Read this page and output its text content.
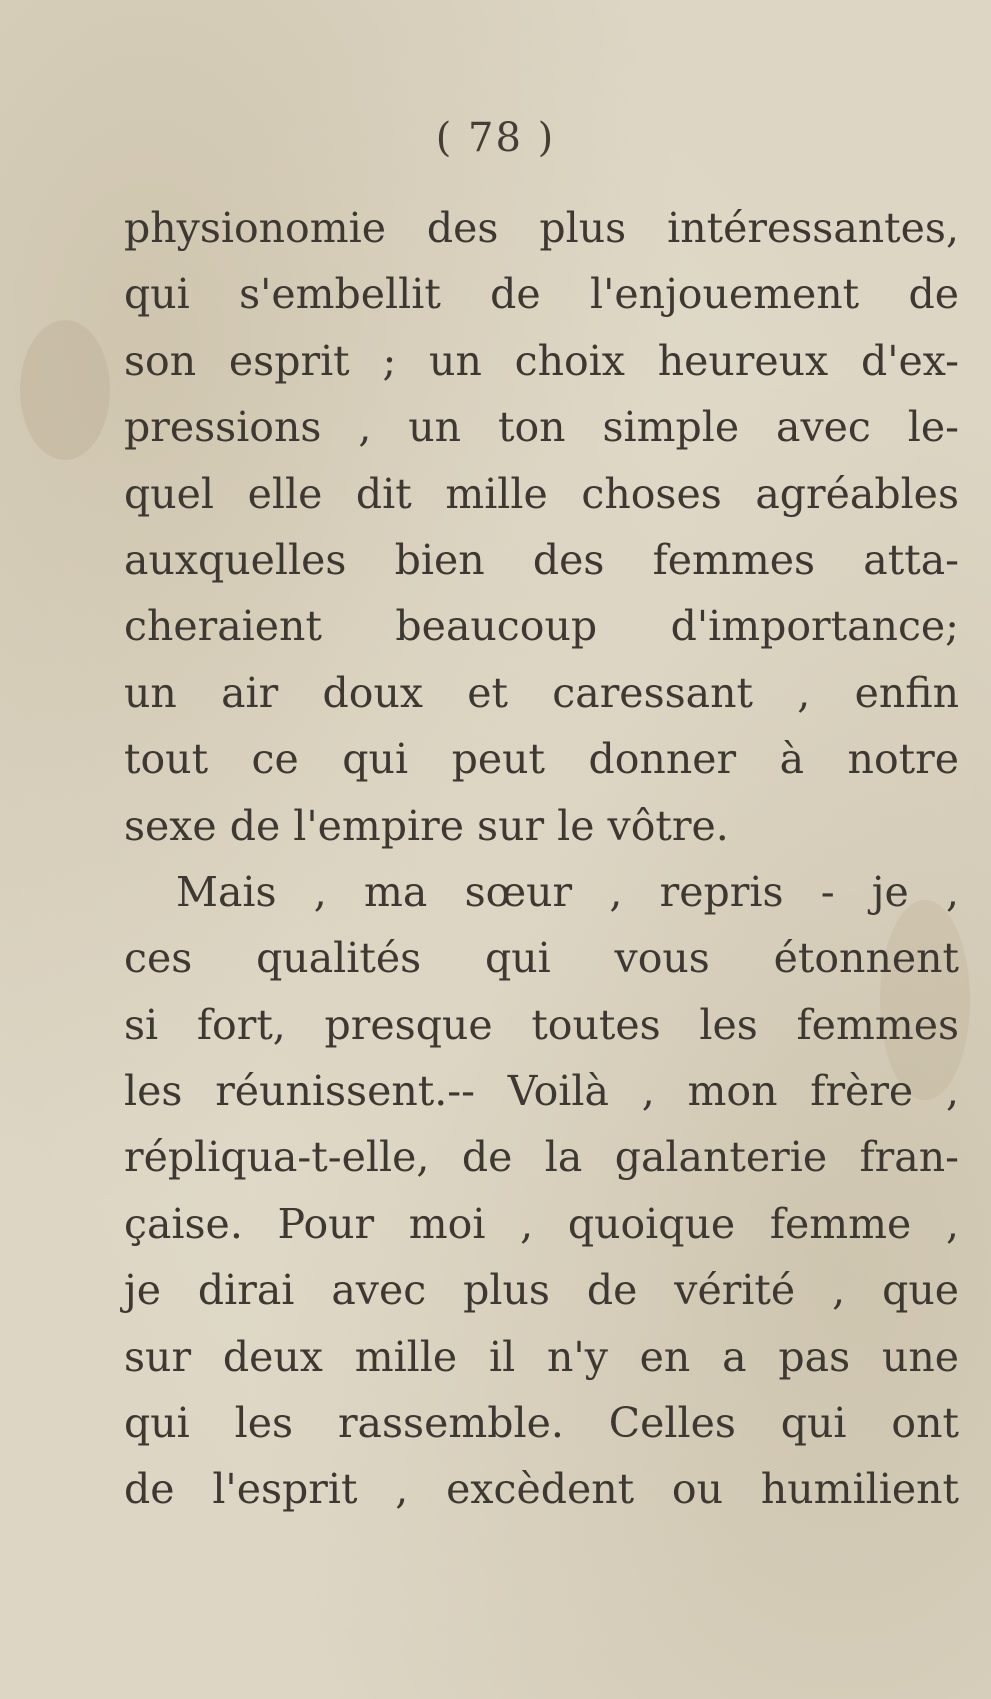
( 78 )
physionomie des plus intéressantes,
qui s'embellit de l'enjouement de
son esprit ; un choix heureux d'ex-
pressions , un ton simple avec le-
quel elle dit mille choses agréables
auxquelles bien des femmes atta-
cheraient beaucoup d'importance;
un air doux et caressant , enfin
tout ce qui peut donner à notre
sexe de l'empire sur le vôtre.
Mais , ma sœur , repris - je ,
ces qualités qui vous étonnent
si fort, presque toutes les femmes
les réunissent.-- Voilà , mon frère ,
répliqua-t-elle, de la galanterie fran-
çaise. Pour moi , quoique femme ,
je dirai avec plus de vérité , que
sur deux mille il n'y en a pas une
qui les rassemble. Celles qui ont
de l'esprit , excèdent ou humilient
